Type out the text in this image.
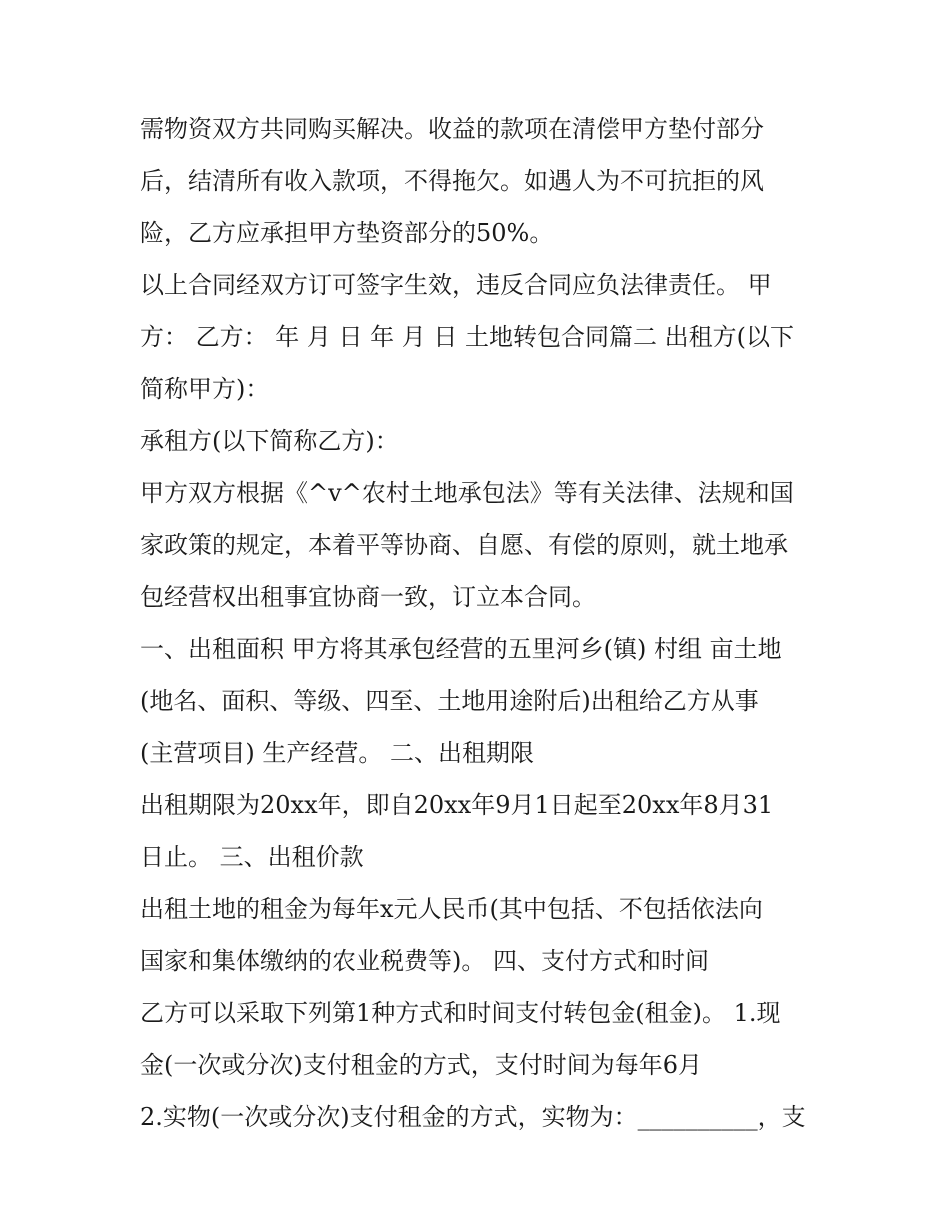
需物资双方共同购买解决。收益的款项在清偿甲方垫付部分
后，结清所有收入款项，不得拖欠。如遇人为不可抗拒的风
险，乙方应承担甲方垫资部分的50%。
以上合同经双方订可签字生效，违反合同应负法律责任。 甲
方： 乙方： 年 月 日 年 月 日 土地转包合同篇二 出租方(以下
简称甲方)：
承租方(以下简称乙方)：
甲方双方根据《^v^农村土地承包法》等有关法律、法规和国
家政策的规定，本着平等协商、自愿、有偿的原则，就土地承
包经营权出租事宜协商一致，订立本合同。
一、出租面积 甲方将其承包经营的五里河乡(镇) 村组 亩土地
(地名、面积、等级、四至、土地用途附后)出租给乙方从事
(主营项目) 生产经营。 二、出租期限
出租期限为20xx年，即自20xx年9月1日起至20xx年8月31
日止。 三、出租价款
出租土地的租金为每年x元人民币(其中包括、不包括依法向
国家和集体缴纳的农业税费等)。 四、支付方式和时间
乙方可以采取下列第1种方式和时间支付转包金(租金)。 1.现
金(一次或分次)支付租金的方式，支付时间为每年6月
2.实物(一次或分次)支付租金的方式，实物为：__________，支
